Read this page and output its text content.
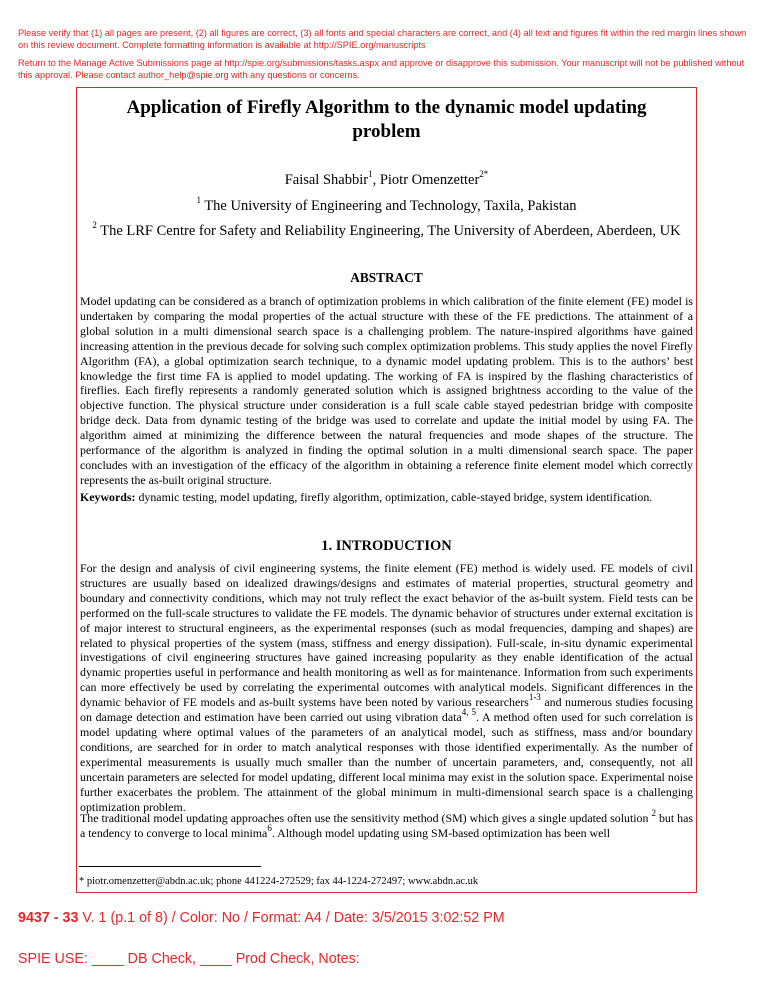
Please verify that (1) all pages are present, (2) all figures are correct, (3) all fonts and special characters are correct, and (4) all text and figures fit within the red margin lines shown on this review document. Complete formatting information is available at http://SPIE.org/manuscripts
Return to the Manage Active Submissions page at http://spie.org/submissions/tasks.aspx and approve or disapprove this submission. Your manuscript will not be published without this approval. Please contact author_help@spie.org with any questions or concerns.
Application of Firefly Algorithm to the dynamic model updating problem
Faisal Shabbir$^1$, Piotr Omenzetter$^{2*}$
$^1$ The University of Engineering and Technology, Taxila, Pakistan
$^2$ The LRF Centre for Safety and Reliability Engineering, The University of Aberdeen, Aberdeen, UK
ABSTRACT
Model updating can be considered as a branch of optimization problems in which calibration of the finite element (FE) model is undertaken by comparing the modal properties of the actual structure with these of the FE predictions. The attainment of a global solution in a multi dimensional search space is a challenging problem. The nature-inspired algorithms have gained increasing attention in the previous decade for solving such complex optimization problems. This study applies the novel Firefly Algorithm (FA), a global optimization search technique, to a dynamic model updating problem. This is to the authors’ best knowledge the first time FA is applied to model updating. The working of FA is inspired by the flashing characteristics of fireflies. Each firefly represents a randomly generated solution which is assigned brightness according to the value of the objective function. The physical structure under consideration is a full scale cable stayed pedestrian bridge with composite bridge deck. Data from dynamic testing of the bridge was used to correlate and update the initial model by using FA. The algorithm aimed at minimizing the difference between the natural frequencies and mode shapes of the structure. The performance of the algorithm is analyzed in finding the optimal solution in a multi dimensional search space. The paper concludes with an investigation of the efficacy of the algorithm in obtaining a reference finite element model which correctly represents the as-built original structure.
Keywords: dynamic testing, model updating, firefly algorithm, optimization, cable-stayed bridge, system identification.
1. INTRODUCTION
For the design and analysis of civil engineering systems, the finite element (FE) method is widely used. FE models of civil structures are usually based on idealized drawings/designs and estimates of material properties, structural geometry and boundary and connectivity conditions, which may not truly reflect the exact behavior of the as-built system. Field tests can be performed on the full-scale structures to validate the FE models. The dynamic behavior of structures under external excitation is of major interest to structural engineers, as the experimental responses (such as modal frequencies, damping and shapes) are related to physical properties of the system (mass, stiffness and energy dissipation). Full-scale, in-situ dynamic experimental investigations of civil engineering structures have gained increasing popularity as they enable identification of the actual dynamic properties useful in performance and health monitoring as well as for maintenance. Information from such experiments can more effectively be used by correlating the experimental outcomes with analytical models. Significant differences in the dynamic behavior of FE models and as-built systems have been noted by various researchers$^{1-3}$ and numerous studies focusing on damage detection and estimation have been carried out using vibration data$^{4, 5}$. A method often used for such correlation is model updating where optimal values of the parameters of an analytical model, such as stiffness, mass and/or boundary conditions, are searched for in order to match analytical responses with those identified experimentally. As the number of experimental measurements is usually much smaller than the number of uncertain parameters, and, consequently, not all uncertain parameters are selected for model updating, different local minima may exist in the solution space. Experimental noise further exacerbates the problem. The attainment of the global minimum in multi-dimensional search space is a challenging optimization problem.
The traditional model updating approaches often use the sensitivity method (SM) which gives a single updated solution $^2$ but has a tendency to converge to local minima$^6$. Although model updating using SM-based optimization has been well
* piotr.omenzetter@abdn.ac.uk; phone 441224-272529; fax 44-1224-272497; www.abdn.ac.uk
9437 - 33 V. 1 (p.1 of 8) / Color: No / Format: A4 / Date: 3/5/2015 3:02:52 PM
SPIE USE: ____ DB Check, ____ Prod Check, Notes:
